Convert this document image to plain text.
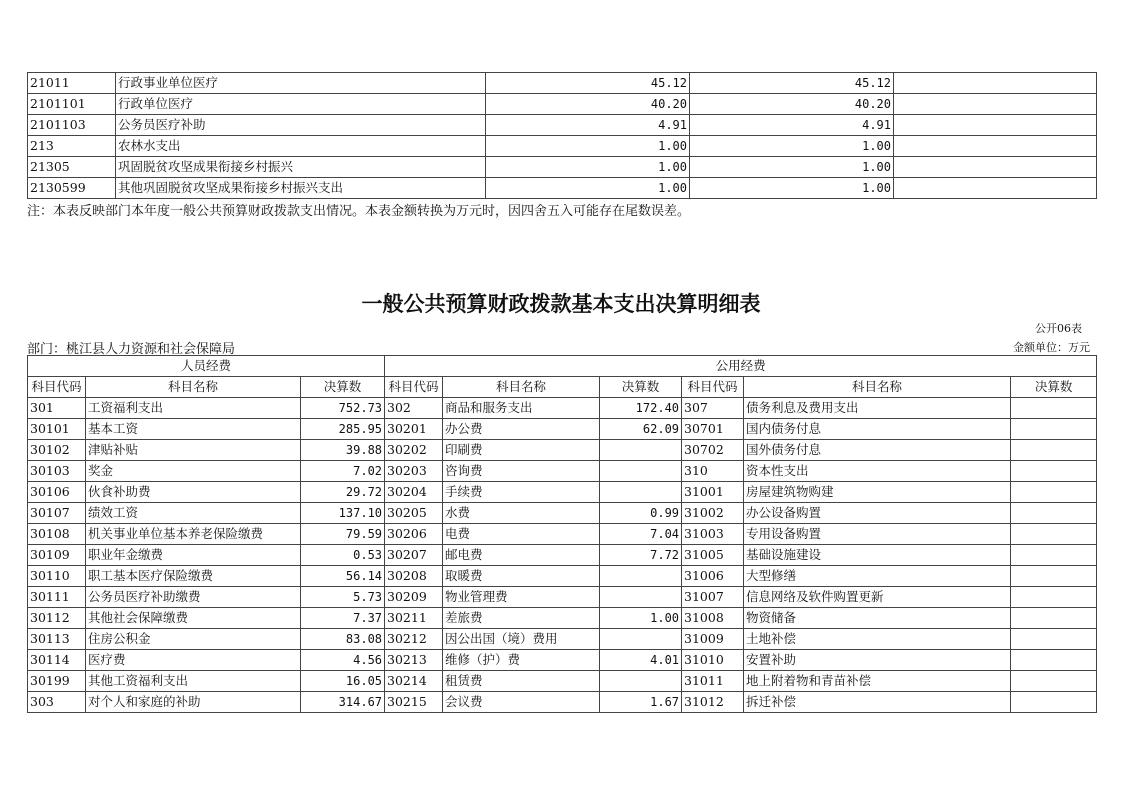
21011	行政事业单位医疗	45.12	45.12	
2101101	行政单位医疗	40.20	40.20	
2101103	公务员医疗补助	4.91	4.91	
213	农林水支出	1.00	1.00	
21305	巩固脱贫攻坚成果衔接乡村振兴	1.00	1.00	
2130599	其他巩固脱贫攻坚成果衔接乡村振兴支出	1.00	1.00	
注：本表反映部门本年度一般公共预算财政拨款支出情况。本表金额转换为万元时，因四舍五入可能存在尾数误差。
一般公共预算财政拨款基本支出决算明细表
公开06表
部门：桃江县人力资源和社会保障局	金额单位：万元
人员经费			公用经费					
科目代码	科目名称	决算数	科目代码	科目名称	决算数	科目代码	科目名称	决算数
301	工资福利支出	752.73	302	商品和服务支出	172.40	307	债务利息及费用支出	
30101	基本工资	285.95	30201	办公费	62.09	30701	国内债务付息	
30102	津贴补贴	39.88	30202	印刷费		30702	国外债务付息	
30103	奖金	7.02	30203	咨询费		310	资本性支出	
30106	伙食补助费	29.72	30204	手续费		31001	房屋建筑物购建	
30107	绩效工资	137.10	30205	水费	0.99	31002	办公设备购置	
30108	机关事业单位基本养老保险缴费	79.59	30206	电费	7.04	31003	专用设备购置	
30109	职业年金缴费	0.53	30207	邮电费	7.72	31005	基础设施建设	
30110	职工基本医疗保险缴费	56.14	30208	取暖费		31006	大型修缮	
30111	公务员医疗补助缴费	5.73	30209	物业管理费		31007	信息网络及软件购置更新	
30112	其他社会保障缴费	7.37	30211	差旅费	1.00	31008	物资储备	
30113	住房公积金	83.08	30212	因公出国（境）费用		31009	土地补偿	
30114	医疗费	4.56	30213	维修（护）费	4.01	31010	安置补助	
30199	其他工资福利支出	16.05	30214	租赁费		31011	地上附着物和青苗补偿	
303	对个人和家庭的补助	314.67	30215	会议费	1.67	31012	拆迁补偿	
